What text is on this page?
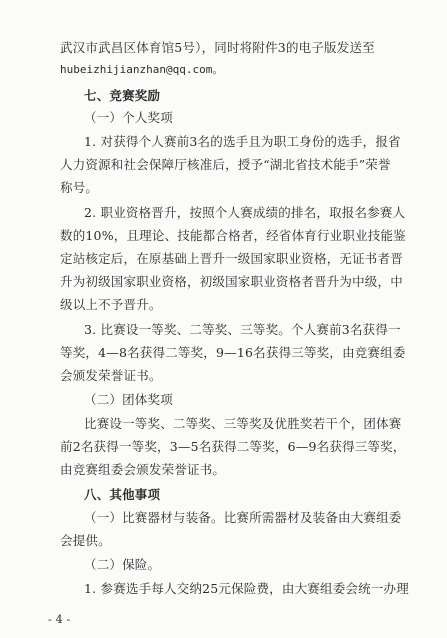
武汉市武昌区体育馆5号），同时将附件3的电子版发送至
hubeizhijianzhan@qq.com。
七、竞赛奖励
（一）个人奖项
1. 对获得个人赛前3名的选手且为职工身份的选手，报省
人力资源和社会保障厅核准后，授予“湖北省技术能手”荣誉
称号。
2. 职业资格晋升，按照个人赛成绩的排名，取报名参赛人
数的10%，且理论、技能都合格者，经省体育行业职业技能鉴
定站核定后，在原基础上晋升一级国家职业资格，无证书者晋
升为初级国家职业资格，初级国家职业资格者晋升为中级，中
级以上不予晋升。
3. 比赛设一等奖、二等奖、三等奖。个人赛前3名获得一
等奖，4—8名获得二等奖，9—16名获得三等奖，由竞赛组委
会颁发荣誉证书。
（二）团体奖项
比赛设一等奖、二等奖、三等奖及优胜奖若干个，团体赛
前2名获得一等奖，3—5名获得二等奖，6—9名获得三等奖，
由竞赛组委会颁发荣誉证书。
八、其他事项
（一）比赛器材与装备。比赛所需器材及装备由大赛组委
会提供。
（二）保险。
1. 参赛选手每人交纳25元保险费，由大赛组委会统一办理
- 4 -
